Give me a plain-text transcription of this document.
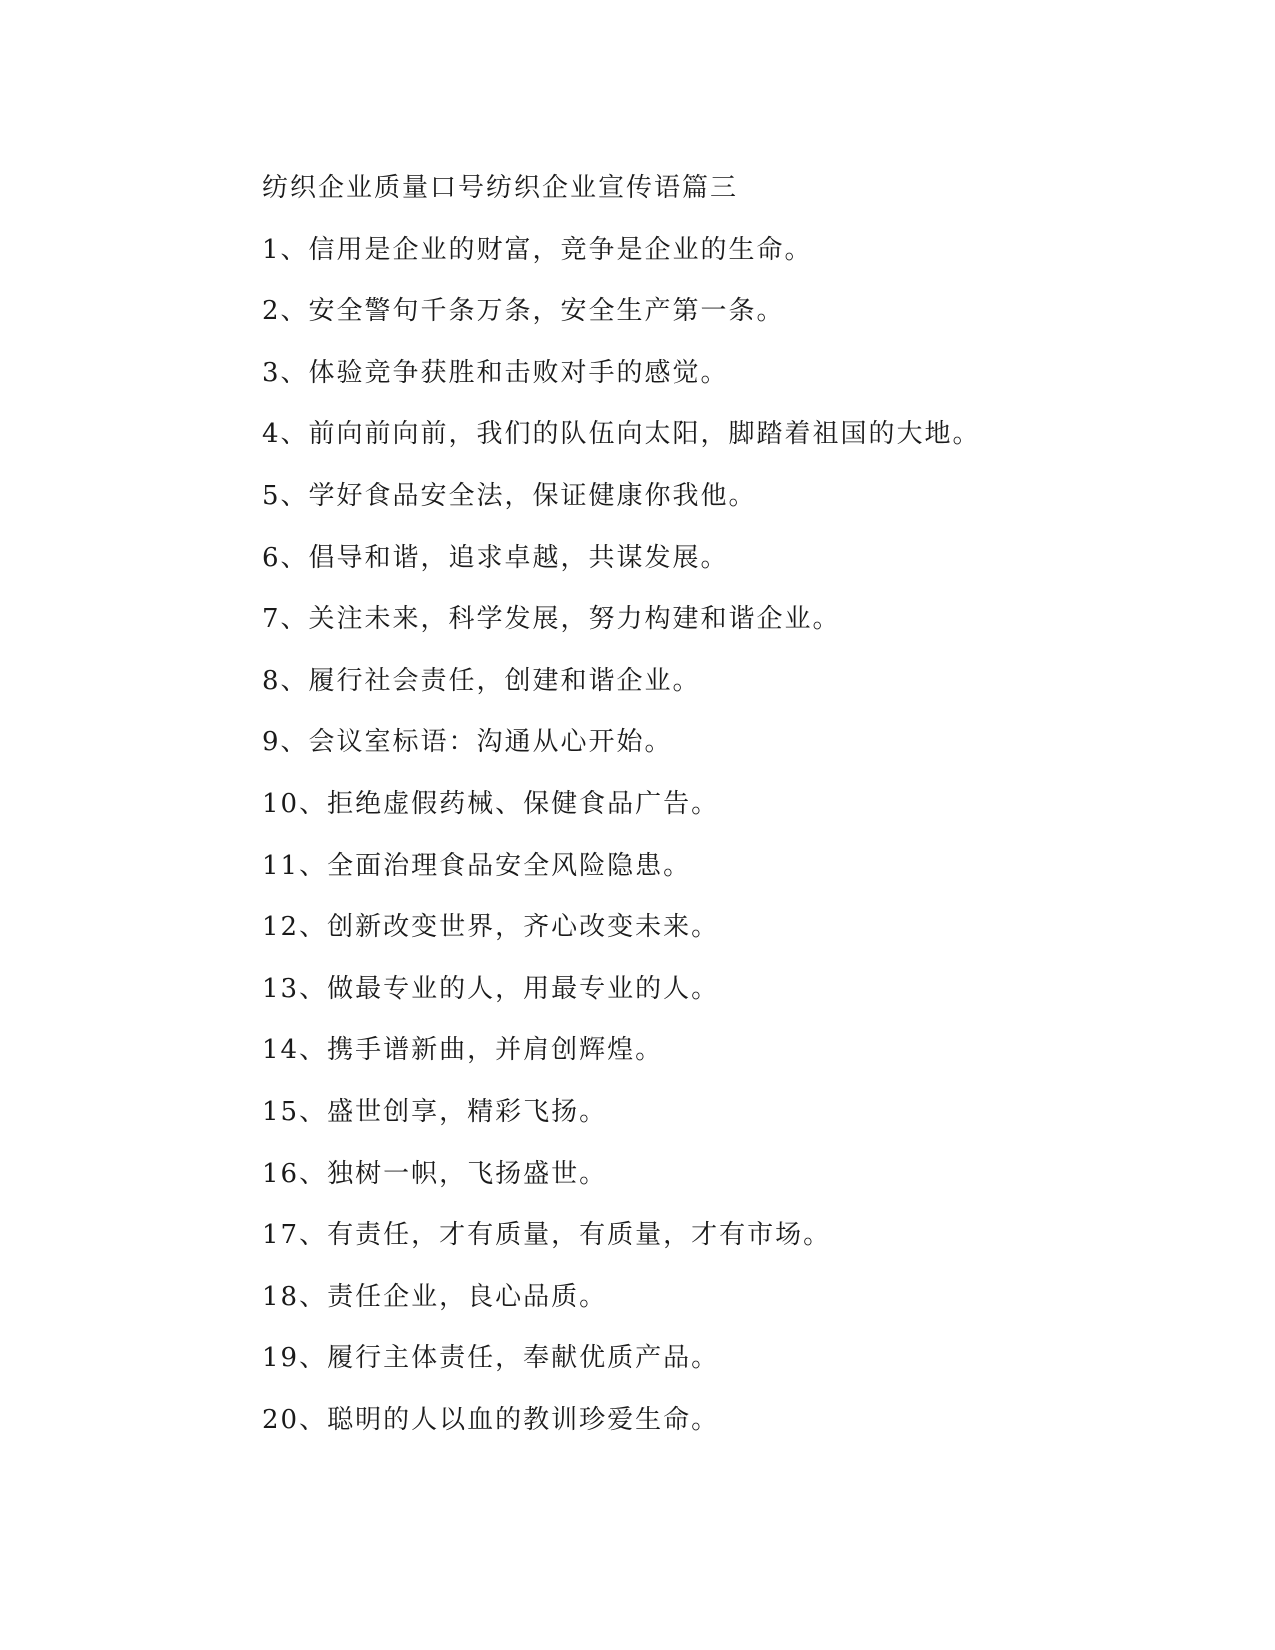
纺织企业质量口号纺织企业宣传语篇三
1、信用是企业的财富，竞争是企业的生命。
2、安全警句千条万条，安全生产第一条。
3、体验竞争获胜和击败对手的感觉。
4、前向前向前，我们的队伍向太阳，脚踏着祖国的大地。
5、学好食品安全法，保证健康你我他。
6、倡导和谐，追求卓越，共谋发展。
7、关注未来，科学发展，努力构建和谐企业。
8、履行社会责任，创建和谐企业。
9、会议室标语：沟通从心开始。
10、拒绝虚假药械、保健食品广告。
11、全面治理食品安全风险隐患。
12、创新改变世界，齐心改变未来。
13、做最专业的人，用最专业的人。
14、携手谱新曲，并肩创辉煌。
15、盛世创享，精彩飞扬。
16、独树一帜，飞扬盛世。
17、有责任，才有质量，有质量，才有市场。
18、责任企业，良心品质。
19、履行主体责任，奉献优质产品。
20、聪明的人以血的教训珍爱生命。
